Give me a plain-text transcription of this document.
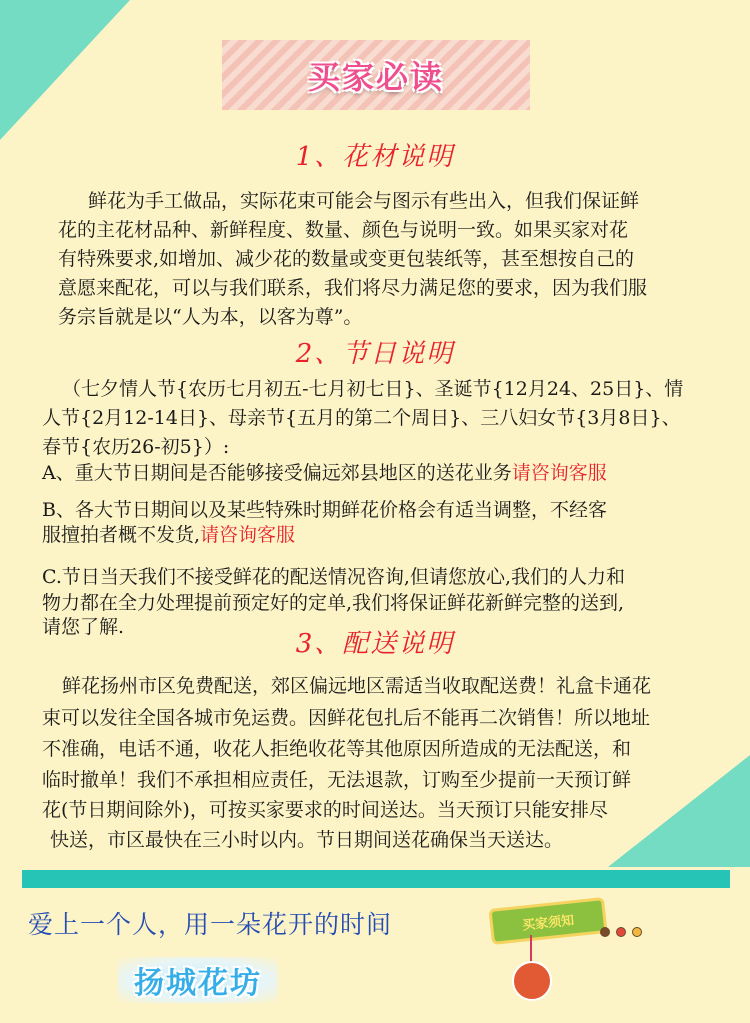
买家必读
1、花材说明
鲜花为手工做品，实际花束可能会与图示有些出入，但我们保证鲜
花的主花材品种、新鲜程度、数量、颜色与说明一致。如果买家对花
有特殊要求,如增加、减少花的数量或变更包装纸等，甚至想按自己的
意愿来配花，可以与我们联系，我们将尽力满足您的要求，因为我们服
务宗旨就是以“人为本，以客为尊”。
2、节日说明
（七夕情人节{农历七月初五-七月初七日}、圣诞节{12月24、25日}、情
人节{2月12-14日}、母亲节{五月的第二个周日}、三八妇女节{3月8日}、
春节{农历26-初5}）:
A、重大节日期间是否能够接受偏远郊县地区的送花业务请咨询客服
B、各大节日期间以及某些特殊时期鲜花价格会有适当调整，不经客
服擅拍者概不发货,请咨询客服
C.节日当天我们不接受鲜花的配送情况咨询,但请您放心,我们的人力和
物力都在全力处理提前预定好的定单,我们将保证鲜花新鲜完整的送到,
请您了解.
3、配送说明
鲜花扬州市区免费配送，郊区偏远地区需适当收取配送费！礼盒卡通花
束可以发往全国各城市免运费。因鲜花包扎后不能再二次销售！所以地址
不准确，电话不通，收花人拒绝收花等其他原因所造成的无法配送，和
临时撤单！我们不承担相应责任，无法退款，订购至少提前一天预订鲜
花(节日期间除外)，可按买家要求的时间送达。当天预订只能安排尽
快送，市区最快在三小时以内。节日期间送花确保当天送达。
爱上一个人，用一朵花开的时间
扬城花坊
买家须知
